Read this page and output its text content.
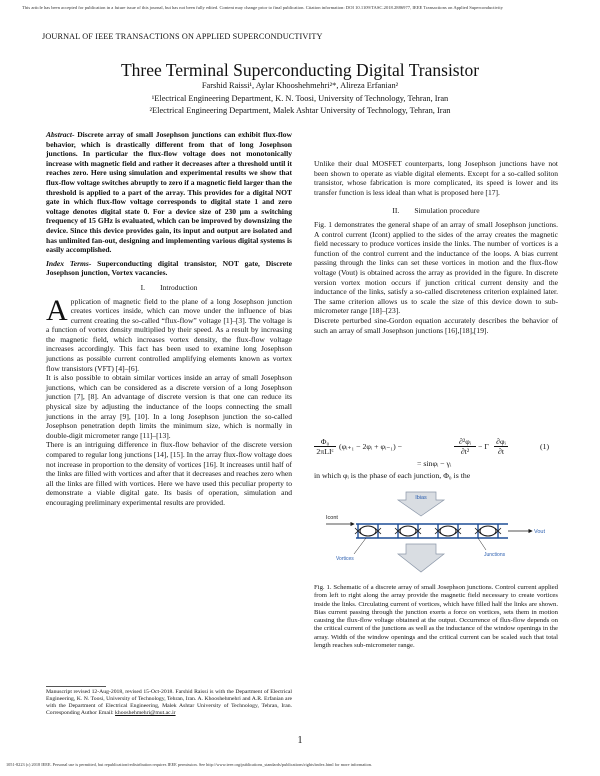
This article has been accepted for publication in a future issue of this journal, but has not been fully edited. Content may change prior to final publication. Citation information: DOI 10.1109/TASC.2018.2886977, IEEE Transactions on Applied Superconductivity
JOURNAL OF IEEE TRANSACTIONS ON APPLIED SUPERCONDUCTIVITY
Three Terminal Superconducting Digital Transistor
Farshid Raissi¹, Aylar Khooshehmehri²*, Alireza Erfanian²
¹Electrical Engineering Department, K. N. Toosi, University of Technology, Tehran, Iran
²Electrical Engineering Department, Malek Ashtar University of Technology, Tehran, Iran

Abstract- Discrete array of small Josephson junctions can exhibit flux-flow behavior, which is drastically different from that of long Josephson junctions. In particular the flux-flow voltage does not monotonically increase with magnetic field and rather it decreases after a threshold until it reaches zero. Here using simulation and experimental results we show that flux-flow voltage switches abruptly to zero if a magnetic field larger than the threshold is applied to a part of the array. This provides for a digital NOT gate in which flux-flow voltage corresponds to digital state 1 and zero voltage denotes digital state 0. For a device size of 230 µm a switching frequency of 15 GHz is evaluated, which can be improved by downsizing the device. Since this device provides gain, its input and output are isolated and has unlimited fan-out, designing and implementing various digital systems is easily accomplished.

Index Terms- Superconducting digital transistor, NOT gate, Discrete Josephson junction, Vortex vacancies.

I.  Introduction

Application of magnetic field to the plane of a long Josephson junction creates vortices inside, which can move under the influence of bias current creating the so-called “flux-flow” voltage [1]–[3]. The voltage is a function of vortex density multiplied by their speed. As a result by increasing the magnetic field, which increases vortex density, the flux-flow voltage increases accordingly. This fact has been used to examine long Josephson junctions as possible current controlled amplifying elements known as vortex flow transistors (VFT) [4]–[6].

It is also possible to obtain similar vortices inside an array of small Josephson junctions, which can be considered as a discrete version of a long Josephson junction [7], [8]. An advantage of discrete version is that one can reduce its physical size by adjusting the inductance of the loops connecting the small junctions in the array [9], [10]. In a long Josephson junction the so-called Josephson penetration depth limits the minimum size, which is normally in double-digit micrometer range [11]–[13].

There is an intriguing difference in flux-flow behavior of the discrete version compared to regular long junctions [14], [15]. In the array flux-flow voltage does not increase in proportion to the density of vortices [16]. It increases until half of the links are filled with vortices and after that it decreases and reaches zero when all the links are filled with vortices. Here we have used this peculiar property to demonstrate a viable digital gate. Its basis of operation, simulation and encouraging preliminary experimental results are provided.

Manuscript revised 12-Aug-2018, revised 15-Oct-2018. Farshid Raissi is with the Department of Electrical Engineering, K. N. Toosi, University of Technology, Tehran, Iran. A. Khooshehmehri and A.R. Erfanian are with the Department of Electrical Engineering, Malek Ashtar University of Technology, Tehran, Iran. Corresponding Author Email: khooshehmehri@mut.ac.ir

Unlike their dual MOSFET counterparts, long Josephson junctions have not been shown to operate as viable digital elements. Except for a so-called soliton transistor, whose fabrication is more complicated, its speed is lower and its transfer function is less ideal than what is proposed here [17].

II.  Simulation procedure

Fig. 1 demonstrates the general shape of an array of small Josephson junctions. A control current (Icont) applied to the sides of the array creates the magnetic field necessary to produce vortices inside the links. The number of vortices is a function of the control current and the inductance of the loops. A bias current passing through the links can set these vortices in motion and the flux-flow voltage (Vout) is obtained across the array as provided in the figure. In discrete version vortex motion occurs if junction critical current density and the inductance of the links, satisfy a so-called discreteness criterion explained later. The same criterion allows us to scale the size of this device down to sub-micrometer range [18]–[23].

Discrete perturbed sine-Gordon equation accurately describes the behavior of such an array of small Josephson junctions [16],[18],[19].

Φ₀
2πLIᶜ
(φᵢ₊₁ − 2φᵢ + φᵢ₋₁) −	$\frac{\text{∂²φᵢ}}{\text{∂t²}} - \Gamma \frac{\text{∂φᵢ}}{\partial t}$	(1)
= sinφᵢ − γᵢ
in which φᵢ is the phase of each junction, Φ₀ is the
Ibias
Icont
Vout
Vortices
Junctions
Fig. 1. Schematic of a discrete array of small Josephson junctions. Control current applied from left to right along the array provide the magnetic field necessary to create vortices inside the links. Circulating current of vortices, which have filled half the links are shown. Bias current passing through the junction exerts a force on vortices, sets them in motion causing the flux-flow voltage obtained at the output. Occurrence of flux-flow depends on the critical current of the junctions as well as the inductance of the window openings in the array. Width of the window openings and the critical current can be scaled such that total length reaches sub-micrometer range.
1
1051-8223 (c) 2018 IEEE. Personal use is permitted, but republication/redistribution requires IEEE permission. See http://www.ieee.org/publications_standards/publications/rights/index.html for more information.
